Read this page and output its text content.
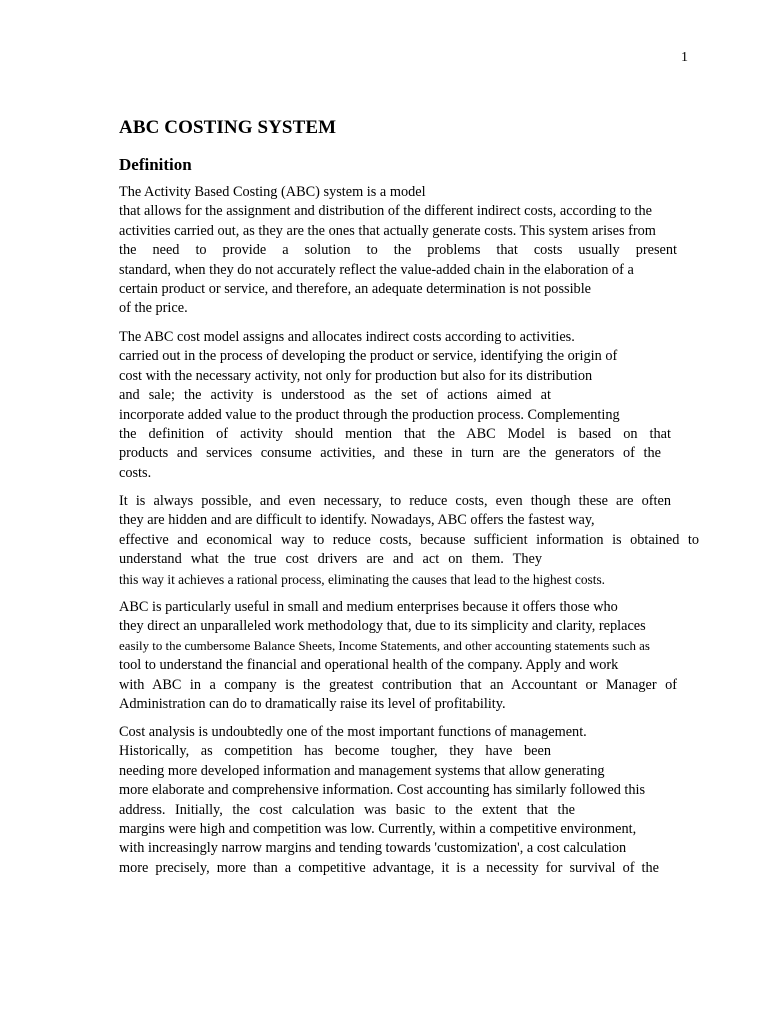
1
ABC COSTING SYSTEM
Definition
The Activity Based Costing (ABC) system is a model
that allows for the assignment and distribution of the different indirect costs, according to the
activities carried out, as they are the ones that actually generate costs. This system arises from
the need to provide a solution to the problems that costs usually present
standard, when they do not accurately reflect the value-added chain in the elaboration of a
certain product or service, and therefore, an adequate determination is not possible
of the price.
The ABC cost model assigns and allocates indirect costs according to activities.
carried out in the process of developing the product or service, identifying the origin of
cost with the necessary activity, not only for production but also for its distribution
and sale; the activity is understood as the set of actions aimed at
incorporate added value to the product through the production process. Complementing
the definition of activity should mention that the ABC Model is based on that
products and services consume activities, and these in turn are the generators of the
costs.
It is always possible, and even necessary, to reduce costs, even though these are often
they are hidden and are difficult to identify. Nowadays, ABC offers the fastest way,
effective and economical way to reduce costs, because sufficient information is obtained to
understand what the true cost drivers are and act on them. They
this way it achieves a rational process, eliminating the causes that lead to the highest costs.
ABC is particularly useful in small and medium enterprises because it offers those who
they direct an unparalleled work methodology that, due to its simplicity and clarity, replaces
easily to the cumbersome Balance Sheets, Income Statements, and other accounting statements such as
tool to understand the financial and operational health of the company. Apply and work
with ABC in a company is the greatest contribution that an Accountant or Manager of
Administration can do to dramatically raise its level of profitability.
Cost analysis is undoubtedly one of the most important functions of management.
Historically, as competition has become tougher, they have been
needing more developed information and management systems that allow generating
more elaborate and comprehensive information. Cost accounting has similarly followed this
address. Initially, the cost calculation was basic to the extent that the
margins were high and competition was low. Currently, within a competitive environment,
with increasingly narrow margins and tending towards 'customization', a cost calculation
more precisely, more than a competitive advantage, it is a necessity for survival of the
